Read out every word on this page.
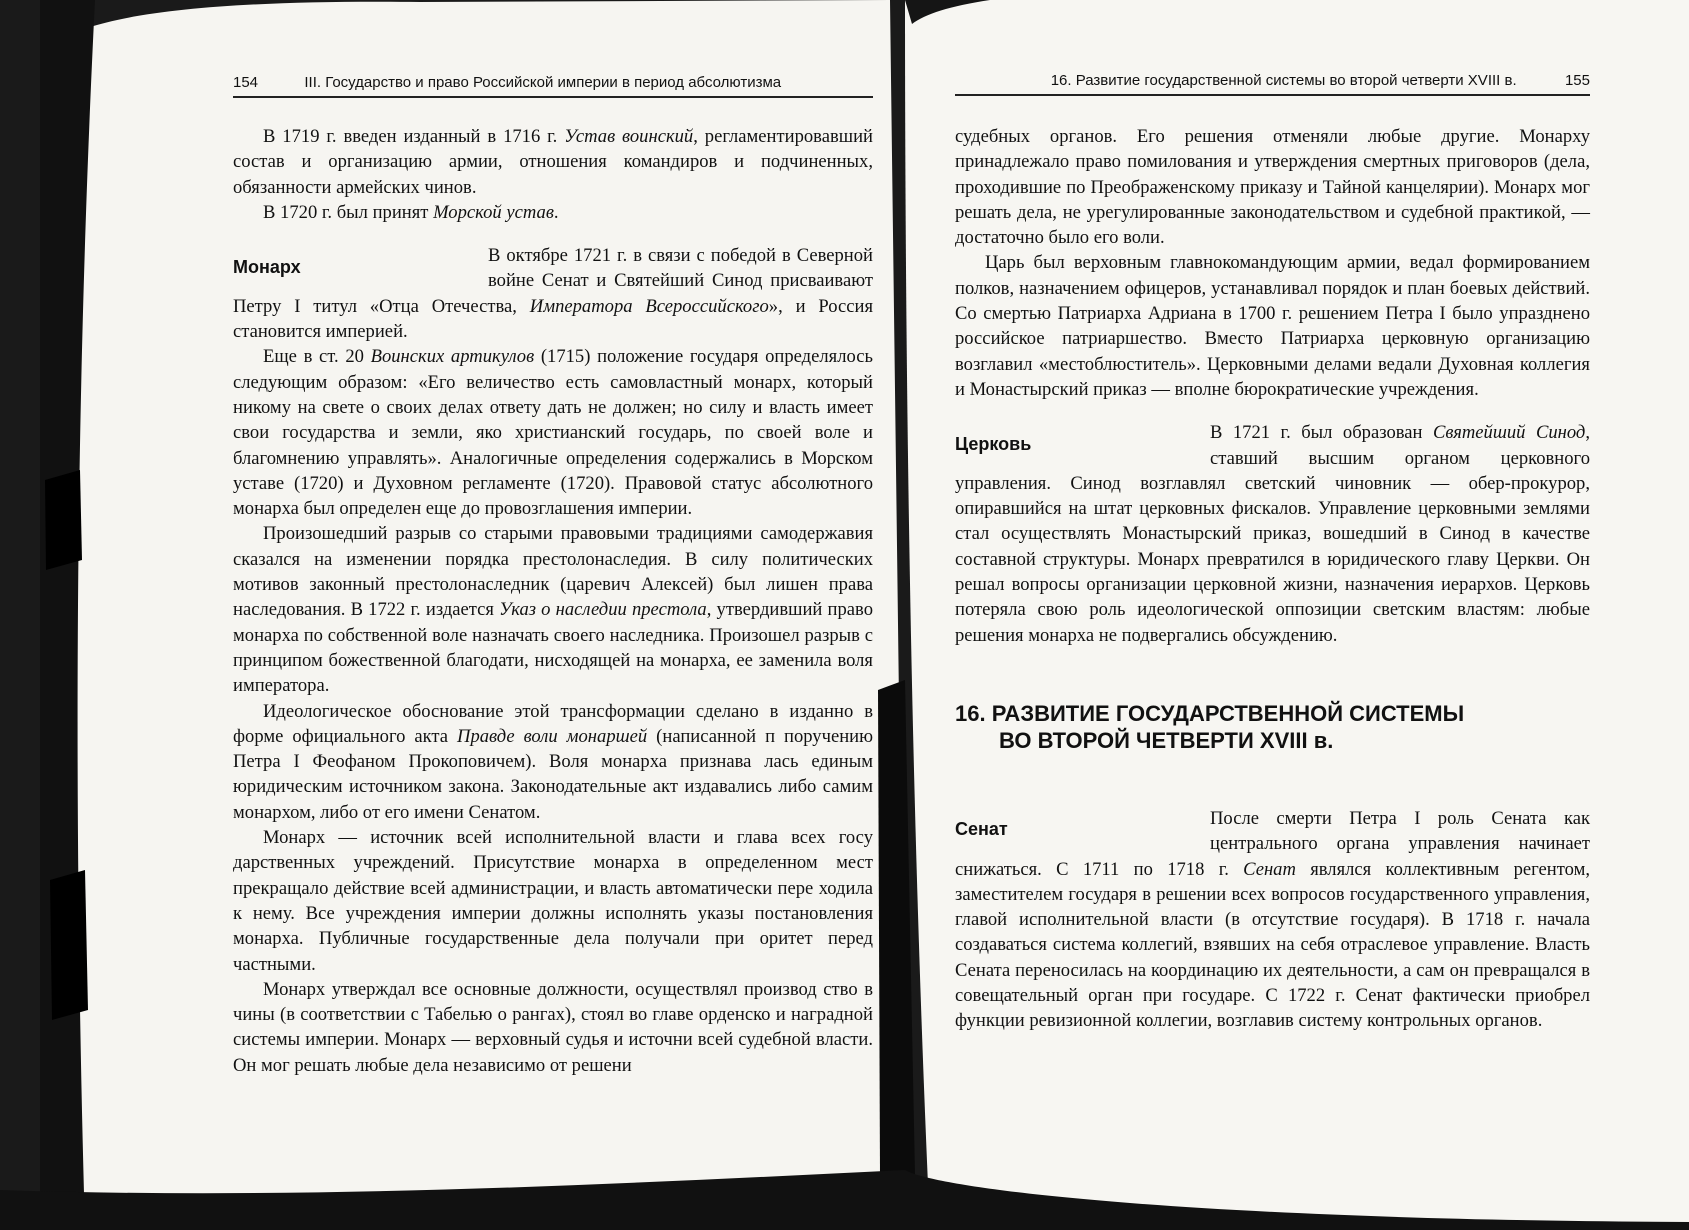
154	III. Государство и право Российской империи в период абсолютизма

В 1719 г. введен изданный в 1716 г. Устав воинский, регламентировавший состав и организацию армии, отношения командиров и подчиненных, обязанности армейских чинов.

В 1720 г. был принят Морской устав.

Монарх

В октябре 1721 г. в связи с победой в Северной войне Сенат и Святейший Синод присваивают Петру I титул «Отца Отечества, Императора Всероссийского», и Россия становится империей.

Еще в ст. 20 Воинских артикулов (1715) положение государя определялось следующим образом: «Его величество есть самовластный монарх, который никому на свете о своих делах ответу дать не должен; но силу и власть имеет свои государства и земли, яко христианский государь, по своей воле и благомнению управлять». Аналогичные определения содержались в Морском уставе (1720) и Духовном регламенте (1720). Правовой статус абсолютного монарха был определен еще до провозглашения империи.

Произошедший разрыв со старыми правовыми традициями самодержавия сказался на изменении порядка престолонаследия. В силу политических мотивов законный престолонаследник (царевич Алексей) был лишен права наследования. В 1722 г. издается Указ о наследии престола, утвердивший право монарха по собственной воле назначать своего наследника. Произошел разрыв с принципом божественной благодати, нисходящей на монарха, ее заменила воля императора.

Идеологическое обоснование этой трансформации сделано в изданно в форме официального акта Правде воли монаршей (написанной п поручению Петра I Феофаном Прокоповичем). Воля монарха признава лась единым юридическим источником закона. Законодательные акт издавались либо самим монархом, либо от его имени Сенатом.

Монарх — источник всей исполнительной власти и глава всех госу дарственных учреждений. Присутствие монарха в определенном мест прекращало действие всей администрации, и власть автоматически пере ходила к нему. Все учреждения империи должны исполнять указы постановления монарха. Публичные государственные дела получали при оритет перед частными.

Монарх утверждал все основные должности, осуществлял производ ство в чины (в соответствии с Табелью о рангах), стоял во главе орденско и наградной системы империи. Монарх — верховный судья и источни всей судебной власти. Он мог решать любые дела независимо от решени

16. Развитие государственной системы во второй четверти XVIII в.	155

судебных органов. Его решения отменяли любые другие. Монарху принадлежало право помилования и утверждения смертных приговоров (дела, проходившие по Преображенскому приказу и Тайной канцелярии). Монарх мог решать дела, не урегулированные законодательством и судебной практикой, — достаточно было его воли.

Царь был верховным главнокомандующим армии, ведал формированием полков, назначением офицеров, устанавливал порядок и план боевых действий. Со смертью Патриарха Адриана в 1700 г. решением Петра I было упразднено российское патриаршество. Вместо Патриарха церковную организацию возглавил «местоблюститель». Церковными делами ведали Духовная коллегия и Монастырский приказ — вполне бюрократические учреждения.

Церковь

В 1721 г. был образован Святейший Синод, ставший высшим органом церковного управления. Синод возглавлял светский чиновник — обер-прокурор, опиравшийся на штат церковных фискалов. Управление церковными землями стал осуществлять Монастырский приказ, вошедший в Синод в качестве составной структуры. Монарх превратился в юридического главу Церкви. Он решал вопросы организации церковной жизни, назначения иерархов. Церковь потеряла свою роль идеологической оппозиции светским властям: любые решения монарха не подвергались обсуждению.

16. РАЗВИТИЕ ГОСУДАРСТВЕННОЙ СИСТЕМЫ
ВО ВТОРОЙ ЧЕТВЕРТИ XVIII в.

Сенат

После смерти Петра I роль Сената как центрального органа управления начинает снижаться. С 1711 по 1718 г. Сенат являлся коллективным регентом, заместителем государя в решении всех вопросов государственного управления, главой исполнительной власти (в отсутствие государя). В 1718 г. начала создаваться система коллегий, взявших на себя отраслевое управление. Власть Сената переносилась на координацию их деятельности, а сам он превращался в совещательный орган при государе. С 1722 г. Сенат фактически приобрел функции ревизионной коллегии, возглавив систему контрольных органов.
